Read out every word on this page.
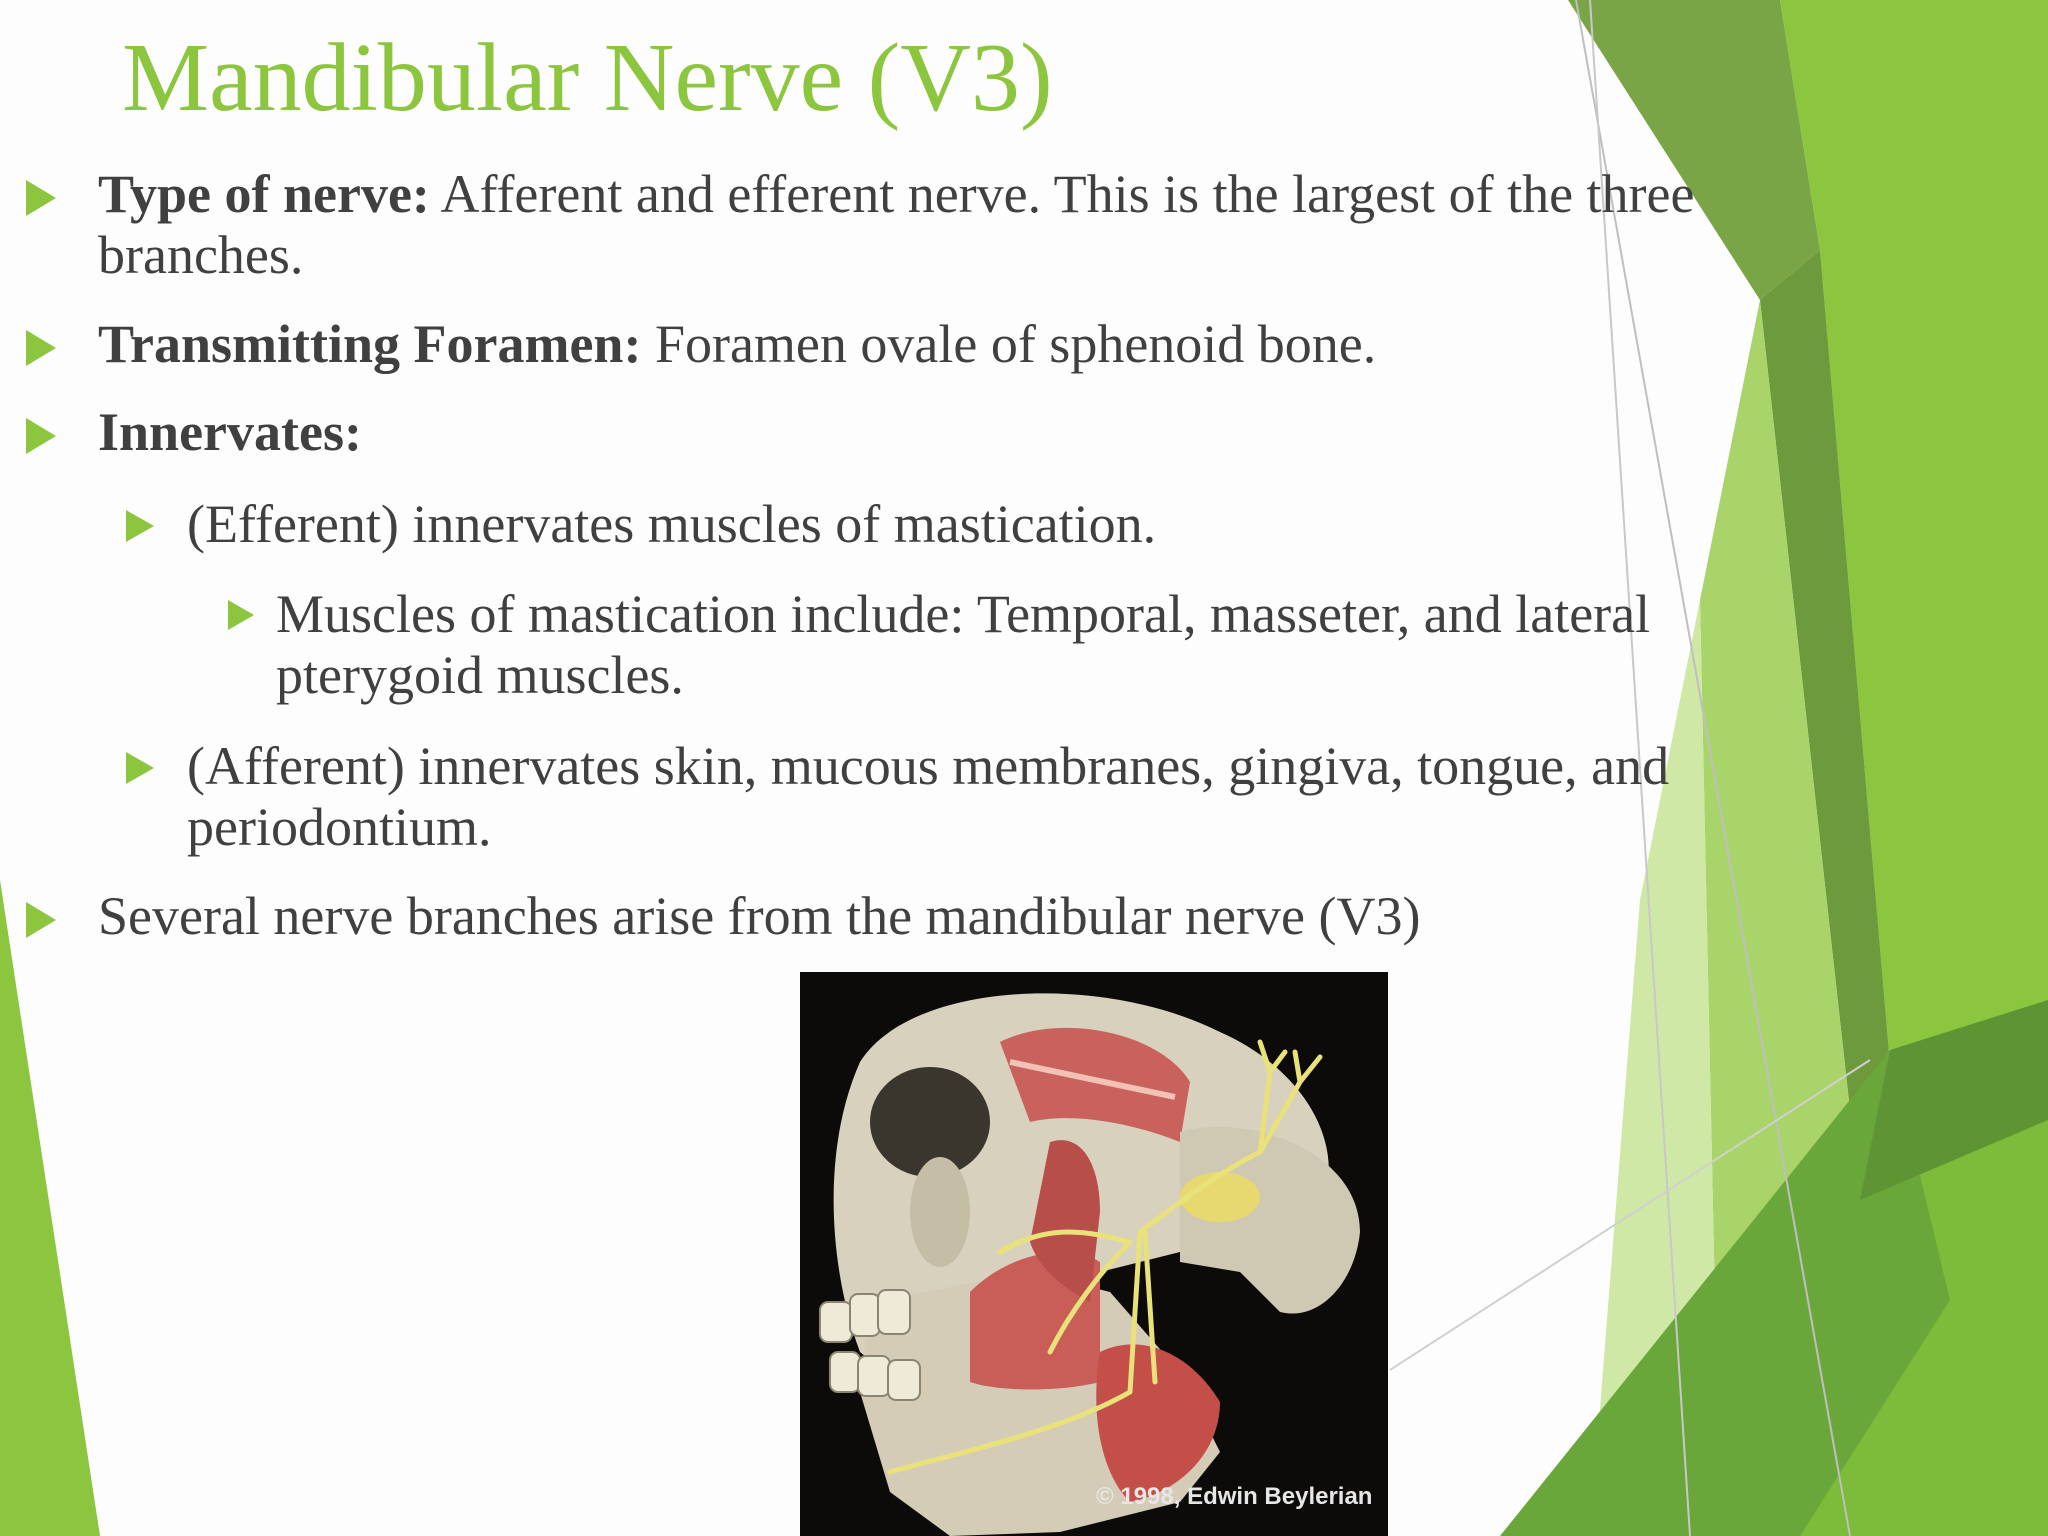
Mandibular Nerve (V3)

Type of nerve: Afferent and efferent nerve. This is the largest of the three branches.

Transmitting Foramen: Foramen ovale of sphenoid bone.

Innervates:

(Efferent) innervates muscles of mastication.

Muscles of mastication include: Temporal, masseter, and lateral pterygoid muscles.

(Afferent) innervates skin, mucous membranes, gingiva, tongue, and periodontium.

Several nerve branches arise from the mandibular nerve (V3)

© 1998, Edwin Beylerian
